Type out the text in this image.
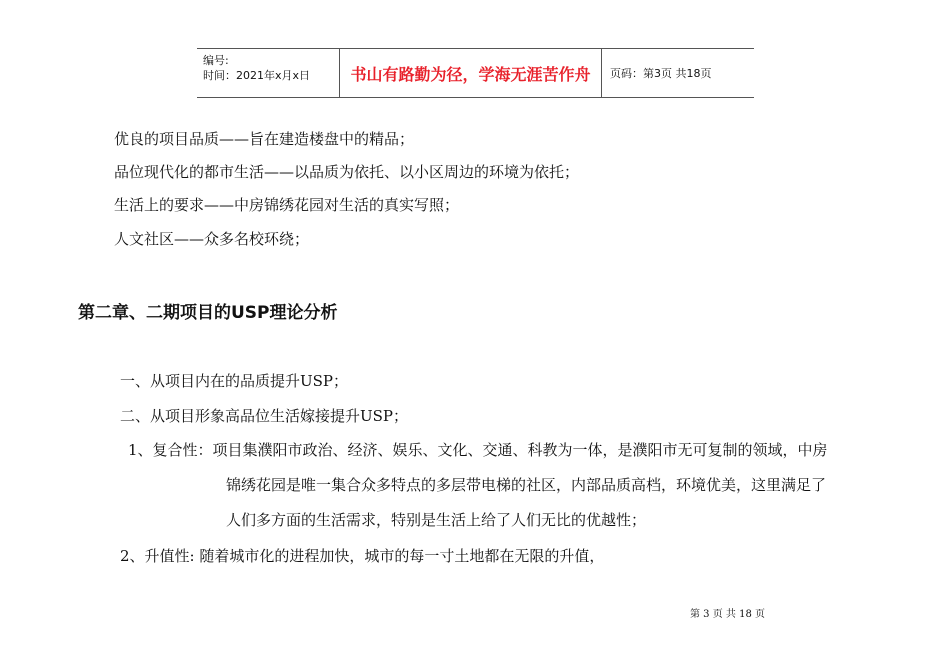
编号:
时间：2021年x月x日	书山有路勤为径，学海无涯苦作舟	页码：第3页 共18页
优良的项目品质——旨在建造楼盘中的精品；
品位现代化的都市生活——以品质为依托、以小区周边的环境为依托；
生活上的要求——中房锦绣花园对生活的真实写照；
人文社区——众多名校环绕；
第二章、二期项目的USP理论分析
一、从项目内在的品质提升USP；
二、从项目形象高品位生活嫁接提升USP；
1、复合性：项目集濮阳市政治、经济、娱乐、文化、交通、科教为一体，是濮阳市无可复制的领域，中房
锦绣花园是唯一集合众多特点的多层带电梯的社区，内部品质高档，环境优美，这里满足了
人们多方面的生活需求，特别是生活上给了人们无比的优越性；
2、升值性: 随着城市化的进程加快，城市的每一寸土地都在无限的升值，
第 3 页 共 18 页
